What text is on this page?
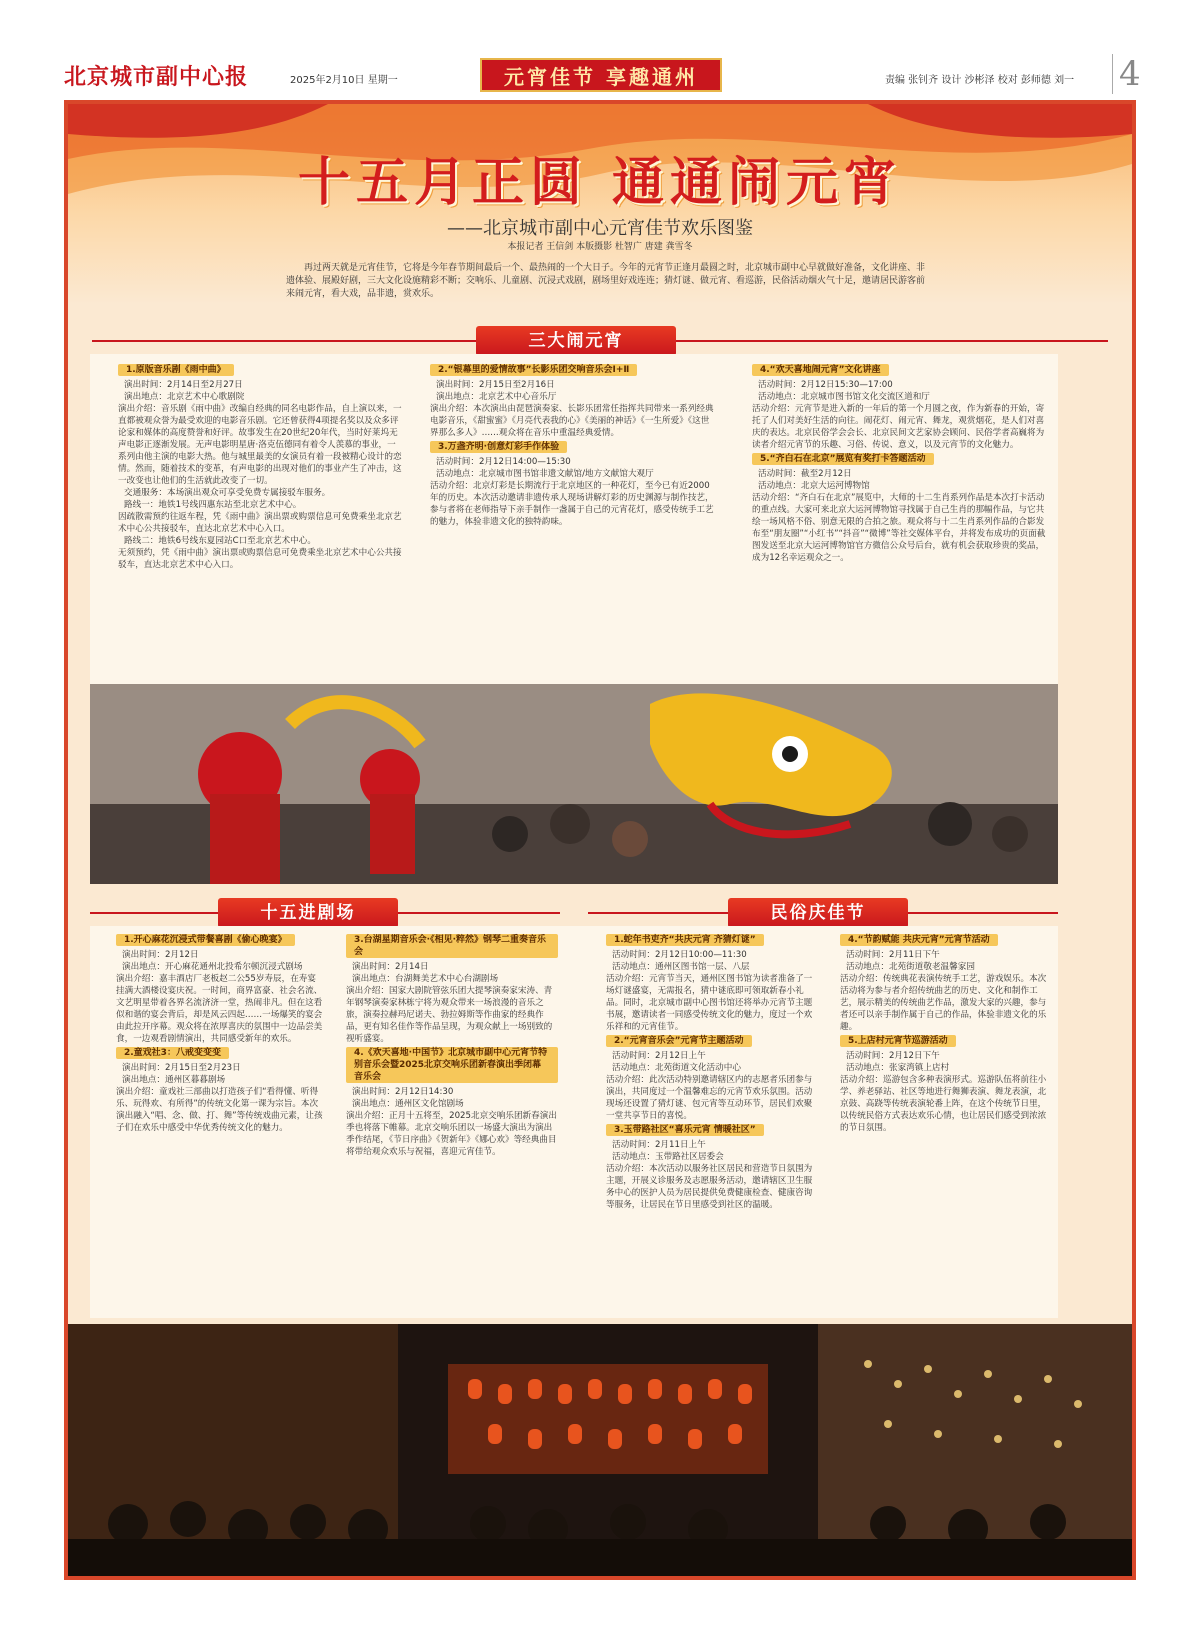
北京城市副中心报	2025年2月10日 星期一	元宵佳节 享趣通州	责编 张钊齐 设计 沙彬泽 校对 彭师德 刘一 4
十五月正圆 通通闹元宵
——北京城市副中心元宵佳节欢乐图鉴
本报记者 王信剑 本版摄影 杜智广 唐建 龚雪冬
再过两天就是元宵佳节，它将是今年春节期间最后一个、最热闹的一个大日子。今年的元宵节正逢月最圆之时，北京城市副中心早就做好准备，文化讲座、非遗体验、展殿好剧，三大文化设施精彩不断；交响乐、儿童剧、沉浸式戏剧，剧场里好戏连连；猜灯谜、做元宵、看巡游，民俗活动烟火气十足，邀请居民游客前来闹元宵，看大戏，品非遗，赏欢乐。
三大闹元宵
1.原版音乐剧《雨中曲》
演出时间：2月14日至2月27日
演出地点：北京艺术中心歌剧院
演出介绍：音乐剧《雨中曲》改编自经典的同名电影作品，自上演以来，一直都被观众誉为最受欢迎的电影音乐剧。它还曾获得4项提名奖以及众多评论家和媒体的高度赞誉和好评。故事发生在20世纪20年代，当时好莱坞无声电影正逐渐发展。无声电影明星唐·洛克伍德同有着令人羡慕的事业，一系列由他主演的电影大热。他与城里最美的女演员有着一段被精心设计的恋情。然而，随着技术的变革，有声电影的出现对他们的事业产生了冲击，这一改变也让他们的生活就此改变了一切。
交通服务：本场演出观众可享受免费专属接驳车服务。
路线一：地铁1号线四惠东站至北京艺术中心。
因疏散需预约往返车程，凭《雨中曲》演出票或购票信息可免费乘坐北京艺术中心公共接驳车，直达北京艺术中心入口。
路线二：地铁6号线东夏园站C口至北京艺术中心。
无须预约，凭《雨中曲》演出票或购票信息可免费乘坐北京艺术中心公共接驳车，直达北京艺术中心入口。
2.“银幕里的爱情故事”长影乐团交响音乐会Ⅰ+Ⅱ
演出时间：2月15日至2月16日
演出地点：北京艺术中心音乐厅
演出介绍：本次演出由琵琶演奏家、长影乐团常任指挥共同带来一系列经典电影音乐，《甜蜜蜜》《月亮代表我的心》《美丽的神话》《一生所爱》《这世界那么多人》……观众将在音乐中重温经典爱情。
3.万盏齐明·创意灯彩手作体验
活动时间：2月12日14:00—15:30
活动地点：北京城市图书馆非遗文献馆/地方文献馆大观厅
活动介绍：北京灯彩是长期流行于北京地区的一种花灯，至今已有近2000年的历史。本次活动邀请非遗传承人现场讲解灯彩的历史渊源与制作技艺，参与者将在老师指导下亲手制作一盏属于自己的元宵花灯，感受传统手工艺的魅力，体验非遗文化的独特韵味。
4.“欢天喜地闹元宵”文化讲座
活动时间：2月12日15:30—17:00
活动地点：北京城市图书馆文化交流区道和厅
活动介绍：元宵节是进入新的一年后的第一个月圆之夜，作为新春的开始，寄托了人们对美好生活的向往。闹花灯、闹元宵、舞龙，观赏烟花，是人们对喜庆的表达。北京民俗学会会长、北京民间文艺家协会顾问、民俗学者高巍将为读者介绍元宵节的乐趣、习俗、传说、意义，以及元宵节的文化魅力。
5.“齐白石在北京”展览有奖打卡答题活动
活动时间：截至2月12日
活动地点：北京大运河博物馆
活动介绍：“齐白石在北京”展览中，大师的十二生肖系列作品是本次打卡活动的重点线。大家可来北京大运河博物馆寻找属于自己生肖的那幅作品，与它共绘一场风格不俗、别意无限的合拍之旅。观众将与十二生肖系列作品的合影发布至“朋友圈”“小红书”“抖音”“微博”等社交媒体平台，并将发布成功的页面截图发送至北京大运河博物馆官方微信公众号后台，就有机会获取珍贵的奖品，成为12名幸运观众之一。
十五进剧场	民俗庆佳节
1.开心麻花沉浸式带餐喜剧《偷心晚宴》
演出时间：2月12日
演出地点：开心麻花通州北投希尔顿沉浸式剧场
演出介绍：嘉丰酒店厂老板赵二公55岁寿辰，在寿宴挂满大酒楼设宴庆祝。一时间，商界富豪、社会名流、文艺明星带着各界名流济济一堂，热闹非凡。但在这看似和谐的宴会背后，却是风云四起……一场爆笑的宴会由此拉开序幕。观众将在浓厚喜庆的氛围中一边品尝美食，一边观看剧情演出，共同感受新年的欢乐。
2.童戏社3：八戒变变变
演出时间：2月15日至2月23日
演出地点：通州区暮暮剧场
演出介绍：童戏社三部曲以打造孩子们“看得懂、听得乐、玩得欢、有所得”的传统文化第一课为宗旨。本次演出融入“唱、念、做、打、舞”等传统戏曲元素，让孩子们在欢乐中感受中华优秀传统文化的魅力。
3.台湖星期音乐会·《相见·粹然》钢琴二重奏音乐会
演出时间：2月14日
演出地点：台湖舞美艺术中心台湖剧场
演出介绍：国家大剧院管弦乐团大提琴演奏家宋涛、青年钢琴演奏家林栋宁将为观众带来一场浪漫的音乐之旅，演奏拉赫玛尼诺夫、勃拉姆斯等作曲家的经典作品，更有知名佳作等作品呈现，为观众献上一场别致的视听盛宴。
4.《欢天喜地·中国节》北京城市副中心元宵节特别音乐会暨2025北京交响乐团新春演出季闭幕音乐会
演出时间：2月12日14:30
演出地点：通州区文化馆剧场
演出介绍：正月十五将至，2025北京交响乐团新春演出季也将落下帷幕。北京交响乐团以一场盛大演出为演出季作结尾，《节日序曲》《贺新年》《娜心欢》等经典曲目将带给观众欢乐与祝福，喜迎元宵佳节。
1.蛇年书吏齐“共庆元宵 齐猜灯谜”
活动时间：2月12日10:00—11:30
活动地点：通州区图书馆一层、八层
活动介绍：元宵节当天，通州区图书馆为读者准备了一场灯谜盛宴，无需报名，猜中谜底即可领取新春小礼品。同时，北京城市副中心图书馆还将举办元宵节主题书展，邀请读者一同感受传统文化的魅力，度过一个欢乐祥和的元宵佳节。
2.“元宵音乐会”元宵节主题活动
活动时间：2月12日上午
活动地点：北苑街道文化活动中心
活动介绍：此次活动特别邀请辖区内的志愿者乐团参与演出，共同度过一个温馨难忘的元宵节欢乐氛围。活动现场还设置了猜灯谜、包元宵等互动环节，居民们欢聚一堂共享节日的喜悦。
3.玉带路社区“喜乐元宵 情暖社区”
活动时间：2月11日上午
活动地点：玉带路社区居委会
活动介绍：本次活动以服务社区居民和营造节日氛围为主题，开展义诊服务及志愿服务活动，邀请辖区卫生服务中心的医护人员为居民提供免费健康检查、健康咨询等服务，让居民在节日里感受到社区的温暖。
4.“节韵赋能 共庆元宵”元宵节活动
活动时间：2月11日下午
活动地点：北苑街道敬老温馨家园
活动介绍：传统典花表演传统手工艺，游戏娱乐。本次活动将为参与者介绍传统曲艺的历史、文化和制作工艺，展示精美的传统曲艺作品，激发大家的兴趣，参与者还可以亲手制作属于自己的作品，体验非遗文化的乐趣。
5.上店村元宵节巡游活动
活动时间：2月12日下午
活动地点：张家湾镇上店村
活动介绍：巡游包含多种表演形式。巡游队伍将前往小学、养老驿站、社区等地进行舞狮表演、舞龙表演，北京鼓、高跷等传统表演轮番上阵，在这个传统节日里，以传统民俗方式表达欢乐心情，也让居民们感受到浓浓的节日氛围。
